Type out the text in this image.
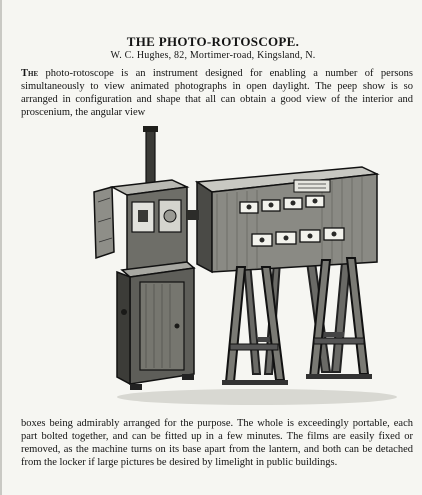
THE PHOTO-ROTOSCOPE.
W. C. Hughes, 82, Mortimer-road, Kingsland, N.
The photo-rotoscope is an instrument designed for enabling a number of persons simultaneously to view animated photographs in open daylight. The peep show is so arranged in configuration and shape that all can obtain a good view of the interior and proscenium, the angular view
boxes being admirably arranged for the purpose. The whole is exceedingly portable, each part bolted together, and can be fitted up in a few minutes. The films are easily fixed or removed, as the machine turns on its base apart from the lantern, and both can be detached from the locker if large pictures be desired by limelight in public buildings.
